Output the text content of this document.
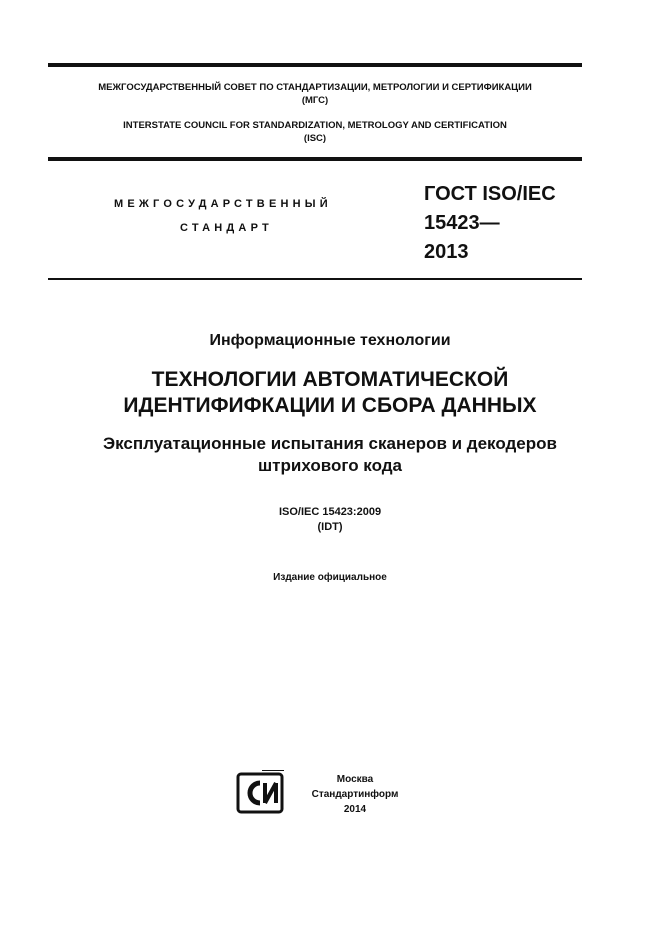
МЕЖГОСУДАРСТВЕННЫЙ СОВЕТ ПО СТАНДАРТИЗАЦИИ, МЕТРОЛОГИИ И СЕРТИФИКАЦИИ
(МГС)
INTERSTATE COUNCIL FOR STANDARDIZATION, METROLOGY AND CERTIFICATION
(ISC)
МЕЖГОСУДАРСТВЕННЫЙ
СТАНДАРТ
ГОСТ ISO/IEC
15423—
2013
Информационные технологии
ТЕХНОЛОГИИ АВТОМАТИЧЕСКОЙ
ИДЕНТИФИФКАЦИИ И СБОРА ДАННЫХ
Эксплуатационные испытания сканеров и декодеров
штрихового кода
ISO/IEC 15423:2009
(IDT)
Издание официальное
Москва
Стандартинформ
2014
